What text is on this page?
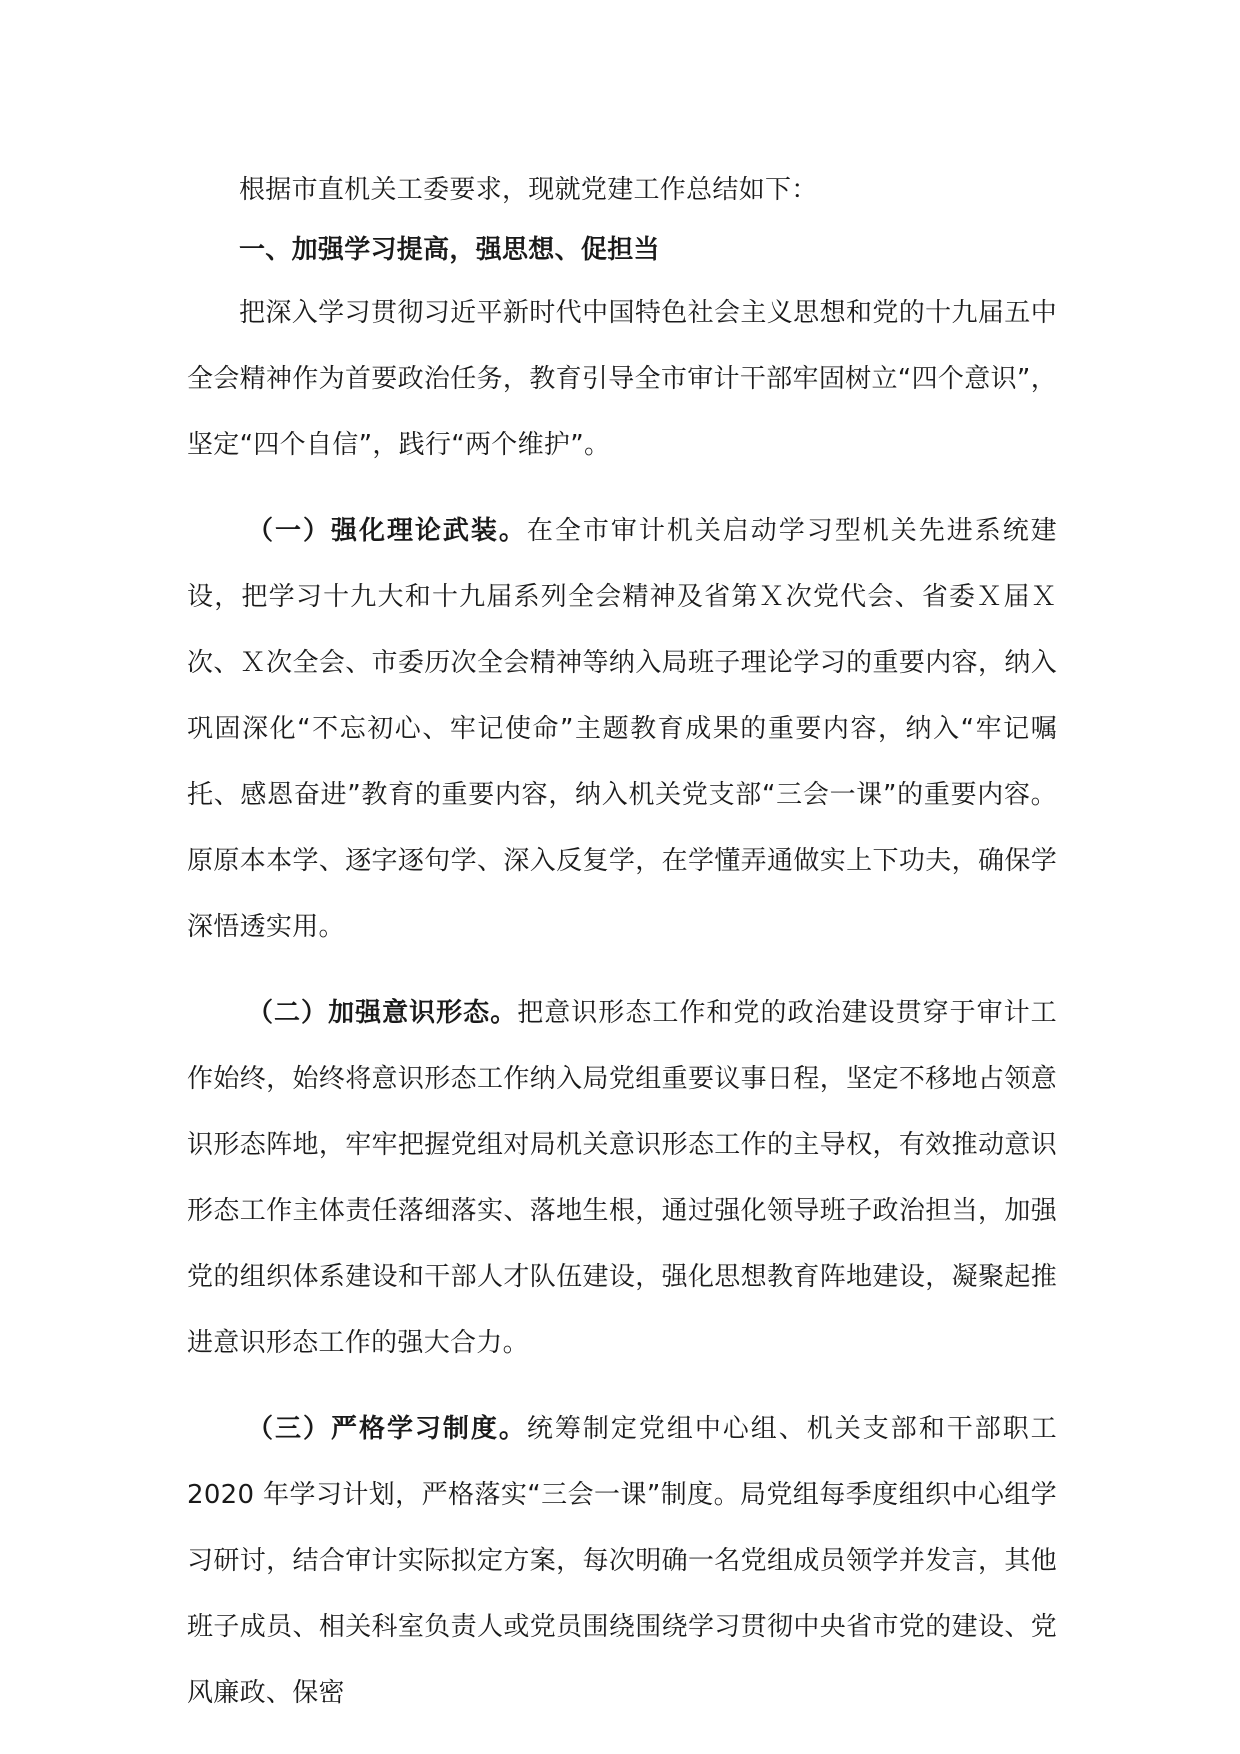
根据市直机关工委要求，现就党建工作总结如下：

一、加强学习提高，强思想、促担当

把深入学习贯彻习近平新时代中国特色社会主义思想和党的十九届五中全会精神作为首要政治任务，教育引导全市审计干部牢固树立“四个意识”，坚定“四个自信”，践行“两个维护”。

（一）强化理论武装。在全市审计机关启动学习型机关先进系统建设，把学习十九大和十九届系列全会精神及省第Ｘ次党代会、省委Ｘ届Ｘ次、Ｘ次全会、市委历次全会精神等纳入局班子理论学习的重要内容，纳入巩固深化“不忘初心、牢记使命”主题教育成果的重要内容，纳入“牢记嘱托、感恩奋进”教育的重要内容，纳入机关党支部“三会一课”的重要内容。原原本本学、逐字逐句学、深入反复学，在学懂弄通做实上下功夫，确保学深悟透实用。

（二）加强意识形态。把意识形态工作和党的政治建设贯穿于审计工作始终，始终将意识形态工作纳入局党组重要议事日程，坚定不移地占领意识形态阵地，牢牢把握党组对局机关意识形态工作的主导权，有效推动意识形态工作主体责任落细落实、落地生根，通过强化领导班子政治担当，加强党的组织体系建设和干部人才队伍建设，强化思想教育阵地建设，凝聚起推进意识形态工作的强大合力。

（三）严格学习制度。统筹制定党组中心组、机关支部和干部职工 2020 年学习计划，严格落实“三会一课”制度。局党组每季度组织中心组学习研讨，结合审计实际拟定方案，每次明确一名党组成员领学并发言，其他班子成员、相关科室负责人或党员围绕围绕学习贯彻中央省市党的建设、党风廉政、保密
